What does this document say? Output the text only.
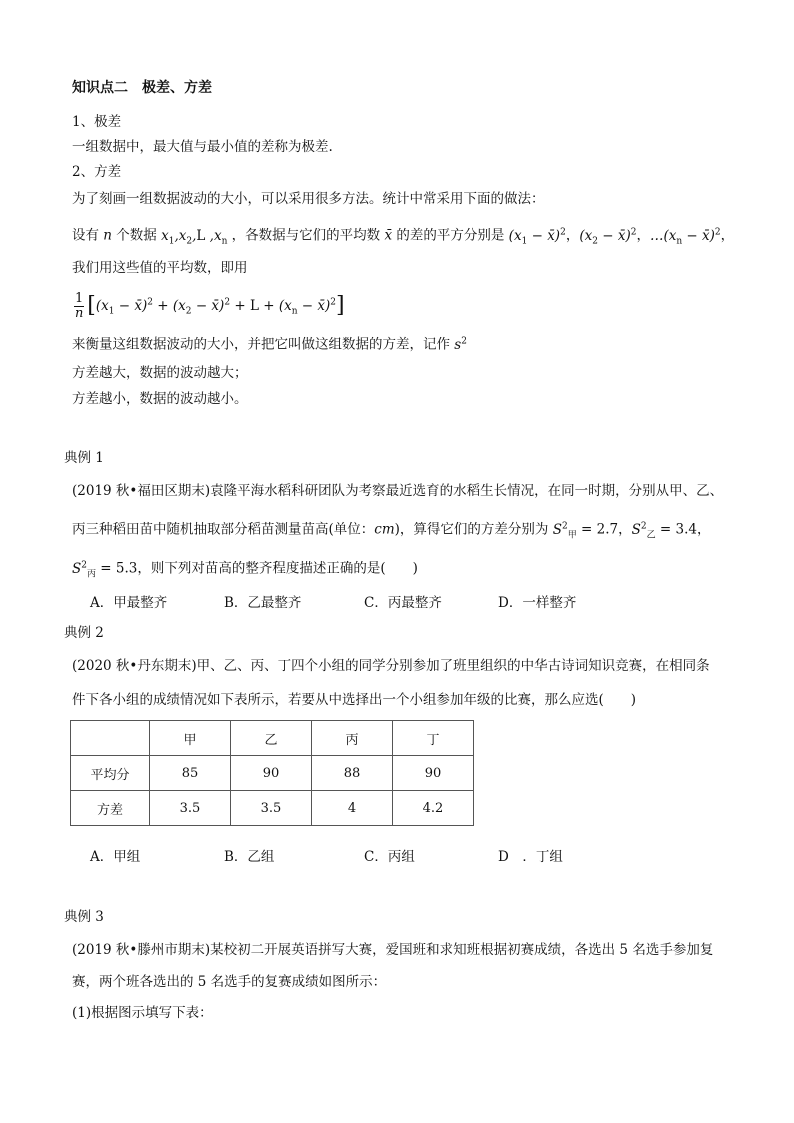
知识点二　极差、方差
1、极差
一组数据中，最大值与最小值的差称为极差.
2、方差
为了刻画一组数据波动的大小，可以采用很多方法。统计中常采用下面的做法：
设有 n 个数据 $x_1,x_2,L$ $,x_n$ ，各数据与它们的平均数 x̄ 的差的平方分别是 ($x_1$ − x̄)$^2$，($x_2$ − x̄)$^2$，$\dots(x_n$ − x̄)$^2$，
我们用这些值的平均数，即用
$\frac{1}{n} [(x_1$ − x̄)$^2$ + ($x_2$ − x̄)$^2$ + $L + (x_n$ − x̄)$^2$]
来衡量这组数据波动的大小，并把它叫做这组数据的方差，记作 $s^2$
方差越大，数据的波动越大；
方差越小，数据的波动越小。
典例 1
(2019 秋•福田区期末)袁隆平海水稻科研团队为考察最近选育的水稻生长情况，在同一时期，分别从甲、乙、
丙三种稻田苗中随机抽取部分稻苗测量苗高(单位：cm)，算得它们的方差分别为 $S^2_甲 = 2.7$，$S^2_乙 = 3.4$，
$S^2_丙 = 5.3$，则下列对苗高的整齐程度描述正确的是(　　)
A．甲最整齐	B．乙最整齐	C．丙最整齐	D．一样整齐
典例 2
(2020 秋•丹东期末)甲、乙、丙、丁四个小组的同学分别参加了班里组织的中华古诗词知识竞赛，在相同条
件下各小组的成绩情况如下表所示，若要从中选择出一个小组参加年级的比赛，那么应选(　　)
	甲	乙	丙	丁
平均分	85	90	88	90
方差	3.5	3.5	4	4.2
A．甲组	B．乙组	C．丙组	D　．丁组
典例 3
(2019 秋•滕州市期末)某校初二开展英语拼写大赛，爱国班和求知班根据初赛成绩，各选出 5 名选手参加复
赛，两个班各选出的 5 名选手的复赛成绩如图所示：
(1)根据图示填写下表：
